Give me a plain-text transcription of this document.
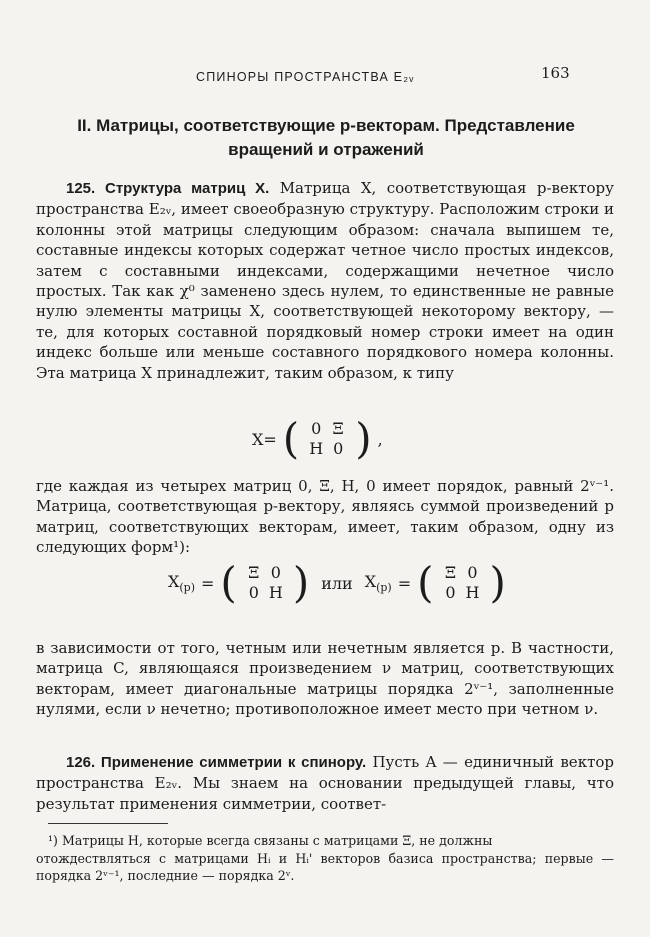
СПИНОРЫ ПРОСТРАНСТВА E₂ᵥ	163
II. Матрицы, соответствующие p-векторам. Представление
вращений и отражений

125. Структура матриц X. Матрица X, соответствующая p-вектору пространства E₂ᵥ, имеет своеобразную структуру. Расположим строки и колонны этой матрицы следующим образом: сначала выпишем те, составные индексы которых содержат четное число простых индексов, затем с составными индексами, содержащими нечетное число простых. Так как χ⁰ заменено здесь нулем, то единственные не равные нулю элементы матрицы X, соответствующей некоторому вектору, — те, для которых составной порядковый номер строки имеет на один индекс больше или меньше составного порядкового номера колонны. Эта матрица X принадлежит, таким образом, к типу

X= ( 0 Ξ
H 0 ) ,

где каждая из четырех матриц 0, Ξ, H, 0 имеет порядок, равный 2ᵛ⁻¹. Матрица, соответствующая p-вектору, являясь суммой произведений p матриц, соответствующих векторам, имеет, таким образом, одну из следующих форм¹):

$X_{(p)}$ = ( Ξ 0
0 H ) или $X_{(p)}$ = ( Ξ 0
0 H )

в зависимости от того, четным или нечетным является p. В частности, матрица C, являющаяся произведением ν матриц, соответствующих векторам, имеет диагональные матрицы порядка 2ᵛ⁻¹, заполненные нулями, если ν нечетно; противоположное имеет место при четном ν.

126. Применение симметрии к спинору. Пусть A — единичный вектор пространства E₂ᵥ. Мы знаем на основании предыдущей главы, что результат применения симметрии, соответ-

¹) Матрицы H, которые всегда связаны с матрицами Ξ, не должны

отождествляться с матрицами Hᵢ и Hᵢ' векторов базиса пространства; первые — порядка 2ᵛ⁻¹, последние — порядка 2ᵛ.
